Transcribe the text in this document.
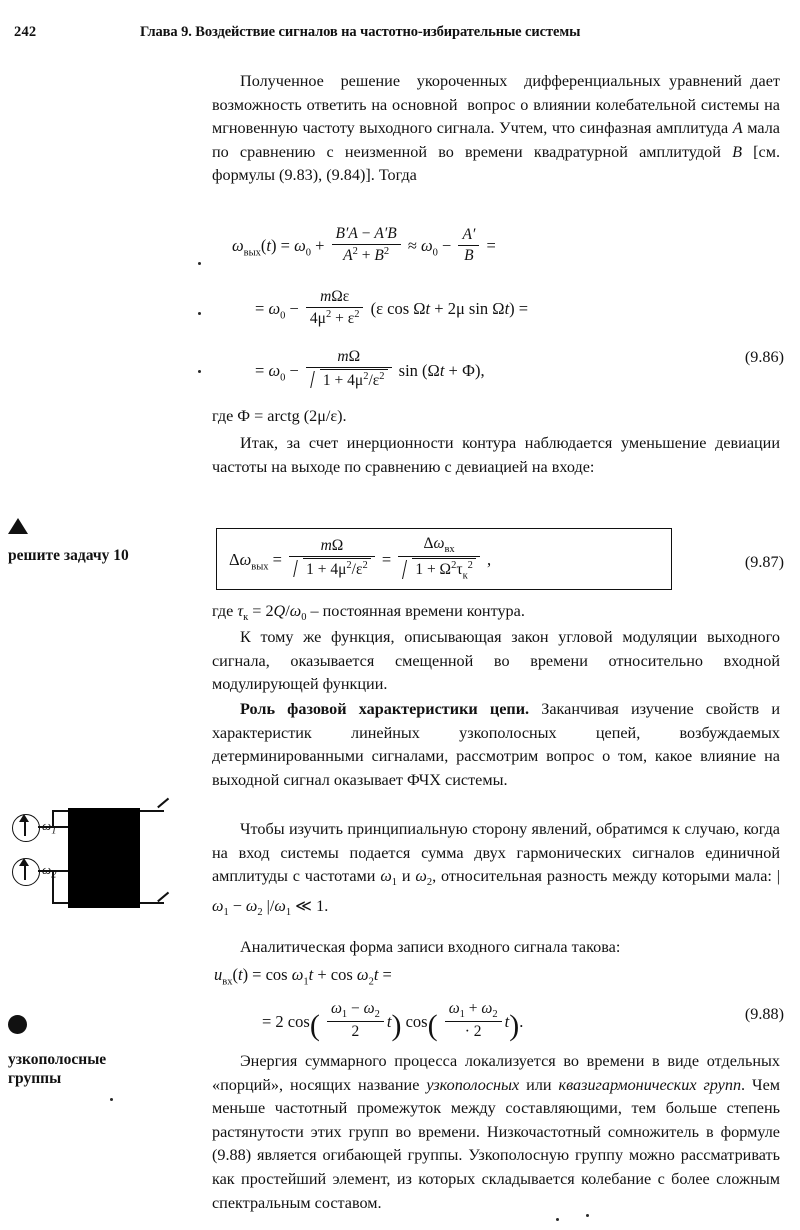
242	Глава 9. Воздействие сигналов на частотно-избирательные системы
решите задачу 10
узкополосные
группы
$\omega_1$
$\omega_2$

Полученное  решение  укороченных  дифференциальных уравнений дает возможность ответить на основной  вопрос о влиянии колебательной системы на мгновенную частоту выходного сигнала. Учтем, что синфазная амплитуда A мала по сравнению с неизменной во времени квадратурной амплитудой B [см. формулы (9.83), (9.84)]. Тогда

$\omega_{вых}(t) = \omega_0 + \frac{B'A - A'B}{A^2 + B^2} \approx \omega_0 - \frac{A'}{B}$ =
= $\omega_0 - \frac{\text{mΩε}}{4\mu^2 + \varepsilon^2} (\varepsilon$ cos Ωt + 2μ sin Ωt) =
= $\omega_0 - \frac{m\Omega}{1 + 4\mu^2/\varepsilon^2}$ sin (Ωt + Ф),
(9.86)

где Ф = arctg (2μ/ε).

Итак, за счет инерционности контура наблюдается уменьшение девиации частоты на выходе по сравнению с девиацией на входе:

$\Delta\omega_{вых} = \frac{m\Omega}{1 + 4\mu^2/\varepsilon^2} = \frac{\Delta\omega_{вх}}{1 + \Omega^2\tau_к^2}$ ,	(9.87)

где $\tau_к = 2Q/\omega_0$ – постоянная времени контура.

К тому же функция, описывающая закон угловой модуляции выходного сигнала, оказывается смещенной во времени относительно входной модулирующей функции.

Роль фазовой характеристики цепи. Заканчивая изучение свойств и характеристик линейных узкополосных цепей, возбуждаемых детерминированными сигналами, рассмотрим вопрос о том, какое влияние на выходной сигнал оказывает ФЧХ системы.

Чтобы изучить принципиальную сторону явлений, обратимся к случаю, когда на вход системы подается сумма двух гармонических сигналов единичной амплитуды с частотами $\omega_1$ и $\omega_2$, относительная разность между которыми мала: $|\omega_1 - \omega_2$ $|/\omega_1$ ≪ 1.

Аналитическая форма записи входного сигнала такова:

$u_{вх}(t) = \cos \omega_1t + \cos \omega_2t$ =
= 2 $\cos( \frac{\omega_1 - \omega_2}{2} t)$ $\cos( \frac{\omega_1 + \omega_2}{\cdot 2} t)$.	(9.88)

Энергия суммарного процесса локализуется во времени в виде отдельных «порций», носящих название узкополосных или квазигармонических групп. Чем меньше частотный промежуток между составляющими, тем больше степень растянутости этих групп во времени. Низкочастотный сомножитель в формуле (9.88) является огибающей группы. Узкополосную группу можно рассматривать как простейший элемент, из которых складывается колебание с более сложным спектральным составом.
